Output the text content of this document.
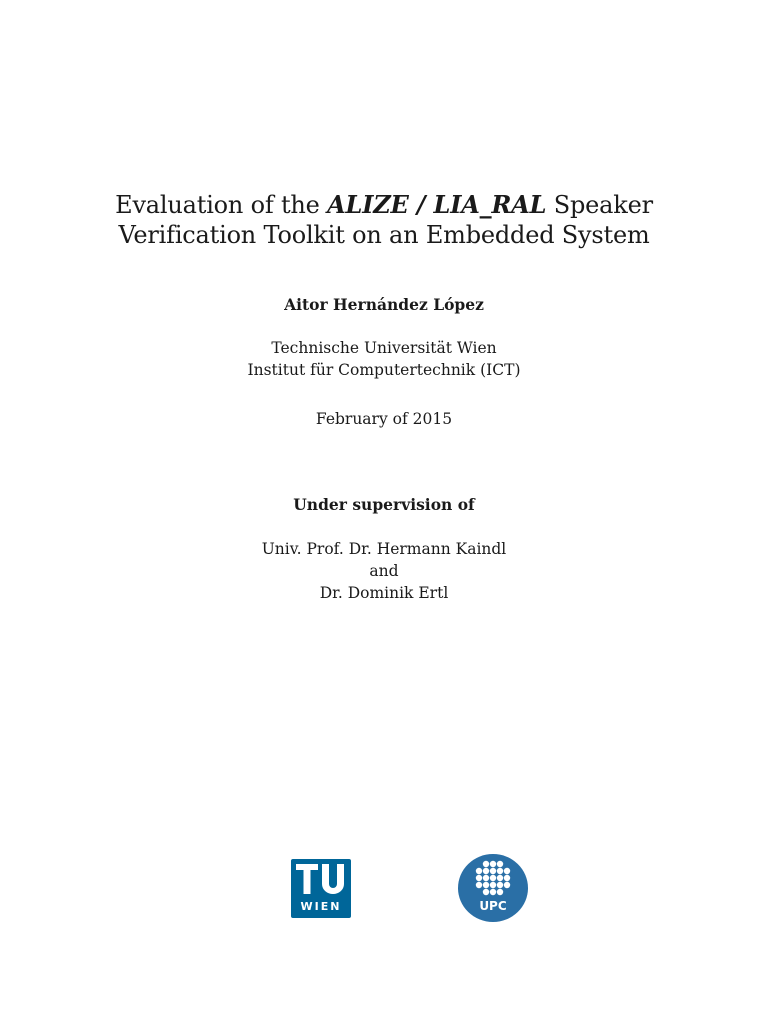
Evaluation of the ALIZE / LIA_RAL Speaker
Verification Toolkit on an Embedded System
Aitor Hernández López
Technische Universität Wien
Institut für Computertechnik (ICT)
February of 2015
Under supervision of
Univ. Prof. Dr. Hermann Kaindl
and
Dr. Dominik Ertl
WIEN	UPC
